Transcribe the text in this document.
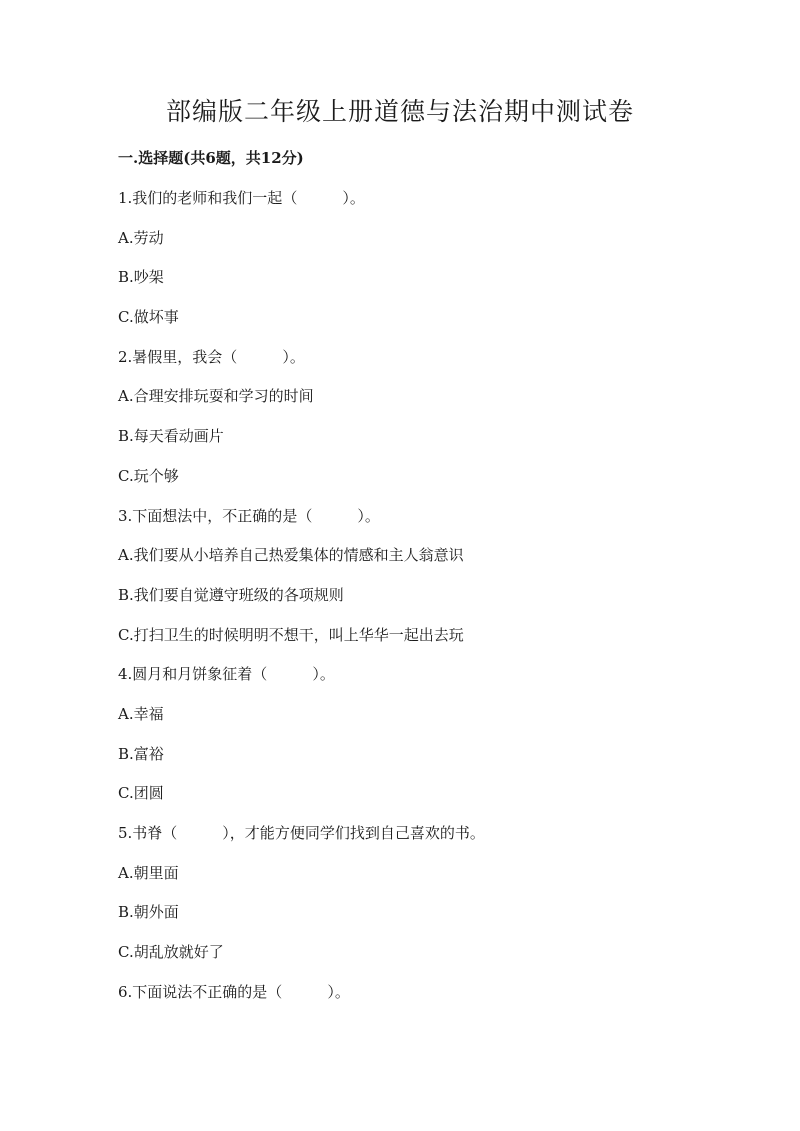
部编版二年级上册道德与法治期中测试卷
一.选择题(共6题，共12分)
1.我们的老师和我们一起（　　　）。
A.劳动
B.吵架
C.做坏事
2.暑假里，我会（　　　）。
A.合理安排玩耍和学习的时间
B.每天看动画片
C.玩个够
3.下面想法中，不正确的是（　　　）。
A.我们要从小培养自己热爱集体的情感和主人翁意识
B.我们要自觉遵守班级的各项规则
C.打扫卫生的时候明明不想干，叫上华华一起出去玩
4.圆月和月饼象征着（　　　）。
A.幸福
B.富裕
C.团圆
5.书脊（　　　），才能方便同学们找到自己喜欢的书。
A.朝里面
B.朝外面
C.胡乱放就好了
6.下面说法不正确的是（　　　）。
